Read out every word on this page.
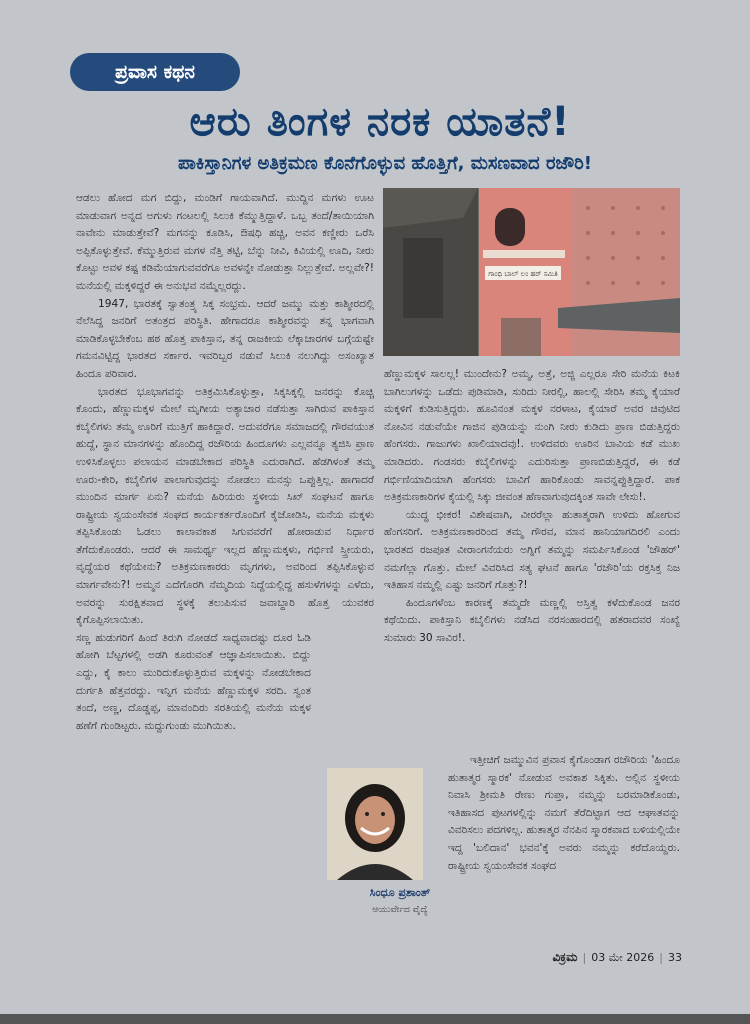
ಪ್ರವಾಸ ಕಥನ
ಆರು ತಿಂಗಳ ನರಕ ಯಾತನೆ!
ಪಾಕಿಸ್ತಾನಿಗಳ ಅತಿಕ್ರಮಣ ಕೊನೆಗೊಳ್ಳುವ ಹೊತ್ತಿಗೆ, ಮಸಣವಾದ ರಜೌರಿ!

ಆಡಲು ಹೋದ ಮಗ ಬಿದ್ದು, ಮಂಡಿಗೆ ಗಾಯವಾಗಿದೆ. ಮುದ್ದಿನ ಮಗಳು ಊಟ ಮಾಡುವಾಗ ಅನ್ನದ ಅಗುಳು ಗಂಟಲಲ್ಲಿ ಸಿಲುಕಿ ಕೆಮ್ಮುತ್ತಿದ್ದಾಳೆ. ಒಬ್ಬ ತಂದೆ/ತಾಯಿಯಾಗಿ ನಾವೇನು ಮಾಡುತ್ತೇವೆ? ಮಗನನ್ನು ಕೂಡಿಸಿ, ಔಷಧಿ ಹಚ್ಚಿ, ಅವನ ಕಣ್ಣೀರು ಒರೆಸಿ ಅಪ್ಪಿಕೊಳ್ಳುತ್ತೇವೆ. ಕೆಮ್ಮುತ್ತಿರುವ ಮಗಳ ನೆತ್ತಿ ತಟ್ಟಿ, ಬೆನ್ನು ನೀವಿ, ಕಿವಿಯಲ್ಲಿ ಊದಿ, ನೀರು ಕೊಟ್ಟು ಅವಳ ಕಷ್ಟ ಕಡಿಮೆಯಾಗುವವರೆಗೂ ಅವಳನ್ನೇ ನೋಡುತ್ತಾ ನಿಲ್ಲುತ್ತೇವೆ. ಅಲ್ಲವೇ?! ಮನೆಯಲ್ಲಿ ಮಕ್ಕಳಿದ್ದರೆ ಈ ಅನುಭವ ನಮ್ಮೆಲ್ಲರದ್ದು.

1947, ಭಾರತಕ್ಕೆ ಸ್ವಾತಂತ್ರ್ಯ ಸಿಕ್ಕ ಸಂಭ್ರಮ. ಆದರೆ ಜಮ್ಮು ಮತ್ತು ಕಾಶ್ಮೀರದಲ್ಲಿ ನೆಲೆಸಿದ್ದ ಜನರಿಗೆ ಅತಂತ್ರದ ಪರಿಸ್ಥಿತಿ. ಹೇಗಾದರೂ ಕಾಶ್ಮೀರವನ್ನು ತನ್ನ ಭಾಗವಾಗಿ ಮಾಡಿಕೊಳ್ಳಬೇಕೆಂಬ ಹಠ ಹೊತ್ತ ಪಾಕಿಸ್ತಾನ, ತನ್ನ ರಾಜಕೀಯ ಲೆಕ್ಕಾಚಾರಗಳ ಬಗ್ಗೆಯಷ್ಟೇ ಗಮನವಿಟ್ಟಿದ್ದ ಭಾರತದ ಸರ್ಕಾರ. ಇವರಿಬ್ಬರ ನಡುವೆ ಸಿಲುಕಿ ನಲುಗಿದ್ದು ಅಸಂಖ್ಯಾತ ಹಿಂದೂ ಪರಿವಾರ.

ಭಾರತದ ಭೂಭಾಗವನ್ನು ಅತಿಕ್ರಮಿಸಿಕೊಳ್ಳುತ್ತಾ, ಸಿಕ್ಕಸಿಕ್ಕಲ್ಲಿ ಜನರನ್ನು ಕೊಚ್ಚಿ ಕೊಂದು, ಹೆಣ್ಣುಮಕ್ಕಳ ಮೇಲೆ ಮೃಗೀಯ ಅತ್ಯಾಚಾರ ನಡೆಸುತ್ತಾ ಸಾಗಿರುವ ಪಾಕಿಸ್ತಾನ ಕಬೈಲಿಗಳು ತಮ್ಮ ಊರಿಗೆ ಮುತ್ತಿಗೆ ಹಾಕಿದ್ದಾರೆ. ಅದುವರೆಗೂ ಸಮಾಜದಲ್ಲಿ ಗೌರವಯುತ ಹುದ್ದೆ, ಸ್ಥಾನ ಮಾನಗಳನ್ನು ಹೊಂದಿದ್ದ ರಜೌರಿಯ ಹಿಂದೂಗಳು ಎಲ್ಲವನ್ನೂ ತ್ಯಜಿಸಿ ಪ್ರಾಣ ಉಳಿಸಿಕೊಳ್ಳಲು ಪಲಾಯನ ಮಾಡಬೇಕಾದ ಪರಿಸ್ಥಿತಿ ಎದುರಾಗಿದೆ. ಹೆಡಗಿಳಂತೆ ತಮ್ಮ ಊರು-ಕೇರಿ, ಕಬೈಲಿಗಳ ಪಾಲಾಗುವುದನ್ನು ನೋಡಲು ಮನಸ್ಸು ಒಪ್ಪುತ್ತಿಲ್ಲ. ಹಾಗಾದರೆ ಮುಂದಿನ ಮಾರ್ಗ ಏನು? ಮನೆಯ ಹಿರಿಯರು ಸ್ಥಳೀಯ ಸಿಖ್ ಸಂಘಟನೆ ಹಾಗೂ ರಾಷ್ಟ್ರೀಯ ಸ್ವಯಂಸೇವಕ ಸಂಘದ ಕಾರ್ಯಕರ್ತರೊಂದಿಗೆ ಕೈಜೋಡಿಸಿ, ಮನೆಯ ಮಕ್ಕಳು ತಪ್ಪಿಸಿಕೊಂಡು ಓಡಲು ಕಾಲಾವಕಾಶ ಸಿಗುವವರೆಗೆ ಹೋರಾಡುವ ನಿರ್ಧಾರ ತೆಗೆದುಕೊಂಡರು. ಆದರೆ ಈ ಸಾಮರ್ಥ್ಯ ಇಲ್ಲದ ಹೆಣ್ಣುಮಕ್ಕಳು, ಗರ್ಭಿಣಿ ಸ್ತ್ರೀಯರು, ವೃದ್ಧೆಯರ ಕಥೆಯೇನು? ಅತಿಕ್ರಮಣಕಾರರು ಮೃಗಗಳು, ಅವರಿಂದ ತಪ್ಪಿಸಿಕೊಳ್ಳುವ ಮಾರ್ಗವೇನು?! ಅಮ್ಮನ ಎದೆಗೊರಗಿ ನೆಮ್ಮದಿಯ ನಿದ್ದೆಯಲ್ಲಿದ್ದ ಹಸುಳೆಗಳನ್ನು ಎಳೆದು, ಅವರನ್ನು ಸುರಕ್ಷಿತವಾದ ಸ್ಥಳಕ್ಕೆ ತಲುಪಿಸುವ ಜವಾಬ್ದಾರಿ ಹೊತ್ತ ಯುವಕರ ಕೈಗೊಪ್ಪಿಸಲಾಯಿತು.

ಸಣ್ಣ ಹುಡುಗರಿಗೆ ಹಿಂದೆ ತಿರುಗಿ ನೋಡದೆ ಸಾಧ್ಯವಾದಷ್ಟು ದೂರ ಓಡಿ ಹೋಗಿ ಬೆಟ್ಟಗಳಲ್ಲಿ ಅಡಗಿ ಕೂರುವಂತೆ ಆಜ್ಞಾಪಿಸಲಾಯಿತು. ಬಿದ್ದು ಎದ್ದು, ಕೈ ಕಾಲು ಮುರಿದುಕೊಳ್ಳುತ್ತಿರುವ ಮಕ್ಕಳನ್ನು ನೋಡಬೇಕಾದ ದುರ್ಗತಿ ಹೆತ್ತವರದ್ದು. ಇನ್ನಿಗ ಮನೆಯ ಹೆಣ್ಣುಮಕ್ಕಳ ಸರದಿ. ಸ್ವಂತ ತಂದೆ, ಅಣ್ಣ, ದೊಡ್ಡಪ್ಪ, ಮಾವಂದಿರು ಸರತಿಯಲ್ಲಿ ಮನೆಯ ಮಕ್ಕಳ ಹಣೆಗೆ ಗುಂಡಿಟ್ಟರು. ಮದ್ದುಗುಂಡು ಮುಗಿಯಿತು.

ಗಾಂಧಿ ಬಾಲ್ ಲಂ ಹರ್ ಸಮಿತಿ

ಹೆಣ್ಣುಮಕ್ಕಳ ಸಾಲಲ್ಲ! ಮುಂದೇನು? ಅಮ್ಮ, ಅತ್ತೆ, ಅಜ್ಜಿ ಎಲ್ಲರೂ ಸೇರಿ ಮನೆಯ ಕಿಟಕಿ ಬಾಗಿಲುಗಳನ್ನು ಒಡೆದು ಪುಡಿಮಾಡಿ, ಸುರಿದು ನೀರಲ್ಲಿ, ಹಾಲಲ್ಲಿ ಸೇರಿಸಿ ತಮ್ಮ ಕೈಯಾರೆ ಮಕ್ಕಳಿಗೆ ಕುಡಿಸುತ್ತಿದ್ದರು. ಹೂವಿನಂತ ಮಕ್ಕಳ ನರಳಾಟ, ಕೈಯಾರೆ ಅವರ ಚಿವುಟಿದ ನೋವಿನ ನಡುವೆಯೇ ಗಾಜಿನ ಪುಡಿಯನ್ನು ನುಂಗಿ ನೀರು ಕುಡಿದು ಪ್ರಾಣ ಬಿಡುತ್ತಿದ್ದರು ಹೆಂಗಸರು. ಗಾಜುಗಳು ಖಾಲಿಯಾದವು!. ಉಳಿದವರು ಊರಿನ ಬಾವಿಯ ಕಡೆ ಮುಖ ಮಾಡಿದರು. ಗಂಡಸರು ಕಬೈಲಿಗಳನ್ನು ಎದುರಿಸುತ್ತಾ ಪ್ರಾಣಬಿಡುತ್ತಿದ್ದರೆ, ಈ ಕಡೆ ಗರ್ಭಿಣಿಯಾದಿಯಾಗಿ ಹೆಂಗಸರು ಬಾವಿಗೆ ಹಾರಿಕೊಂಡು ಸಾವನ್ನಪ್ಪುತ್ತಿದ್ದಾರೆ. ಪಾಕ ಅತಿಕ್ರಮಣಕಾರಿಗಳ ಕೈಯಲ್ಲಿ ಸಿಕ್ಕು ಜೀವಂತ ಹೆಣವಾಗುವುದಕ್ಕಿಂತ ಸಾವೇ ಲೇಸು!.

ಯುದ್ಧ ಭೀಕರ! ವಿಶೇಷವಾಗಿ, ವೀರರೆಲ್ಲಾ ಹುತಾತ್ಮರಾಗಿ ಉಳಿದು ಹೋಗುವ ಹೆಂಗಸರಿಗೆ. ಅತಿಕ್ರಮಣಕಾರರಿಂದ ತಮ್ಮ ಗೌರವ, ಮಾನ ಹಾನಿಯಾಗದಿರಲಿ ಎಂದು ಭಾರತದ ರಜಪೂತ ವೀರಾಂಗನೆಯರು ಅಗ್ನಿಗೆ ತಮ್ಮನ್ನು ಸಮರ್ಪಿಸಿಕೊಂಡ 'ಜೌಹರ್' ನಮಗೆಲ್ಲಾ ಗೊತ್ತು. ಮೇಲೆ ವಿವರಿಸಿದ ಸತ್ಯ ಘಟನೆ ಹಾಗೂ 'ರಜೌರಿ'ಯ ರಕ್ತಸಿಕ್ತ ನಿಜ ಇತಿಹಾಸ ನಮ್ಮಲ್ಲಿ ಎಷ್ಟು ಜನರಿಗೆ ಗೊತ್ತು?!

ಹಿಂದೂಗಳೆಂಬ ಕಾರಣಕ್ಕೆ ತಮ್ಮದೇ ಮಣ್ಣಲ್ಲಿ ಅಸ್ತಿತ್ವ ಕಳೆದುಕೊಂಡ ಜನರ ಕಥೆಯಿದು. ಪಾಕಿಸ್ತಾನಿ ಕಬೈಲಿಗಳು ನಡೆಸಿದ ನರಸಂಹಾರದಲ್ಲಿ ಹತರಾದವರ ಸಂಖ್ಯೆ ಸುಮಾರು 30 ಸಾವಿರ!.

ಸಿಂಧೂ ಪ್ರಶಾಂತ್
ಆಯುರ್ವೇದ ವೈದ್ಯೆ

ಇತ್ತೀಚಿಗೆ ಜಮ್ಮುವಿನ ಪ್ರವಾಸ ಕೈಗೊಂಡಾಗ ರಜೌರಿಯ 'ಹಿಂದೂ ಹುತಾತ್ಮರ ಸ್ಮಾರಕ' ನೋಡುವ ಅವಕಾಶ ಸಿಕ್ಕಿತು. ಅಲ್ಲಿನ ಸ್ಥಳೀಯ ನಿವಾಸಿ ಶ್ರೀಮತಿ ರೇಣು ಗುಪ್ತಾ, ನಮ್ಮನ್ನು ಬರಮಾಡಿಕೊಂಡು, ಇತಿಹಾಸದ ಪುಟಗಳಲ್ಲಿನ್ನು ನಮಗೆ ತೆರೆದಿಟ್ಟಾಗ ಆದ ಆಘಾತವನ್ನು ವಿವರಿಸಲು ಪದಗಳಿಲ್ಲ. ಹುತಾತ್ಮರ ನೆನಪಿನ ಸ್ಮಾರಕವಾದ ಬಳಿಯಲ್ಲಿಯೇ ಇದ್ದ 'ಬಲಿದಾನ' ಭವನ'ಕ್ಕೆ ಅವರು ನಮ್ಮನ್ನು ಕರೆದೊಯ್ದರು. ರಾಷ್ಟ್ರೀಯ ಸ್ವಯಂಸೇವಕ ಸಂಘದ

ವಿಕ್ರಮ | 03 ಮೇ 2026 | 33
